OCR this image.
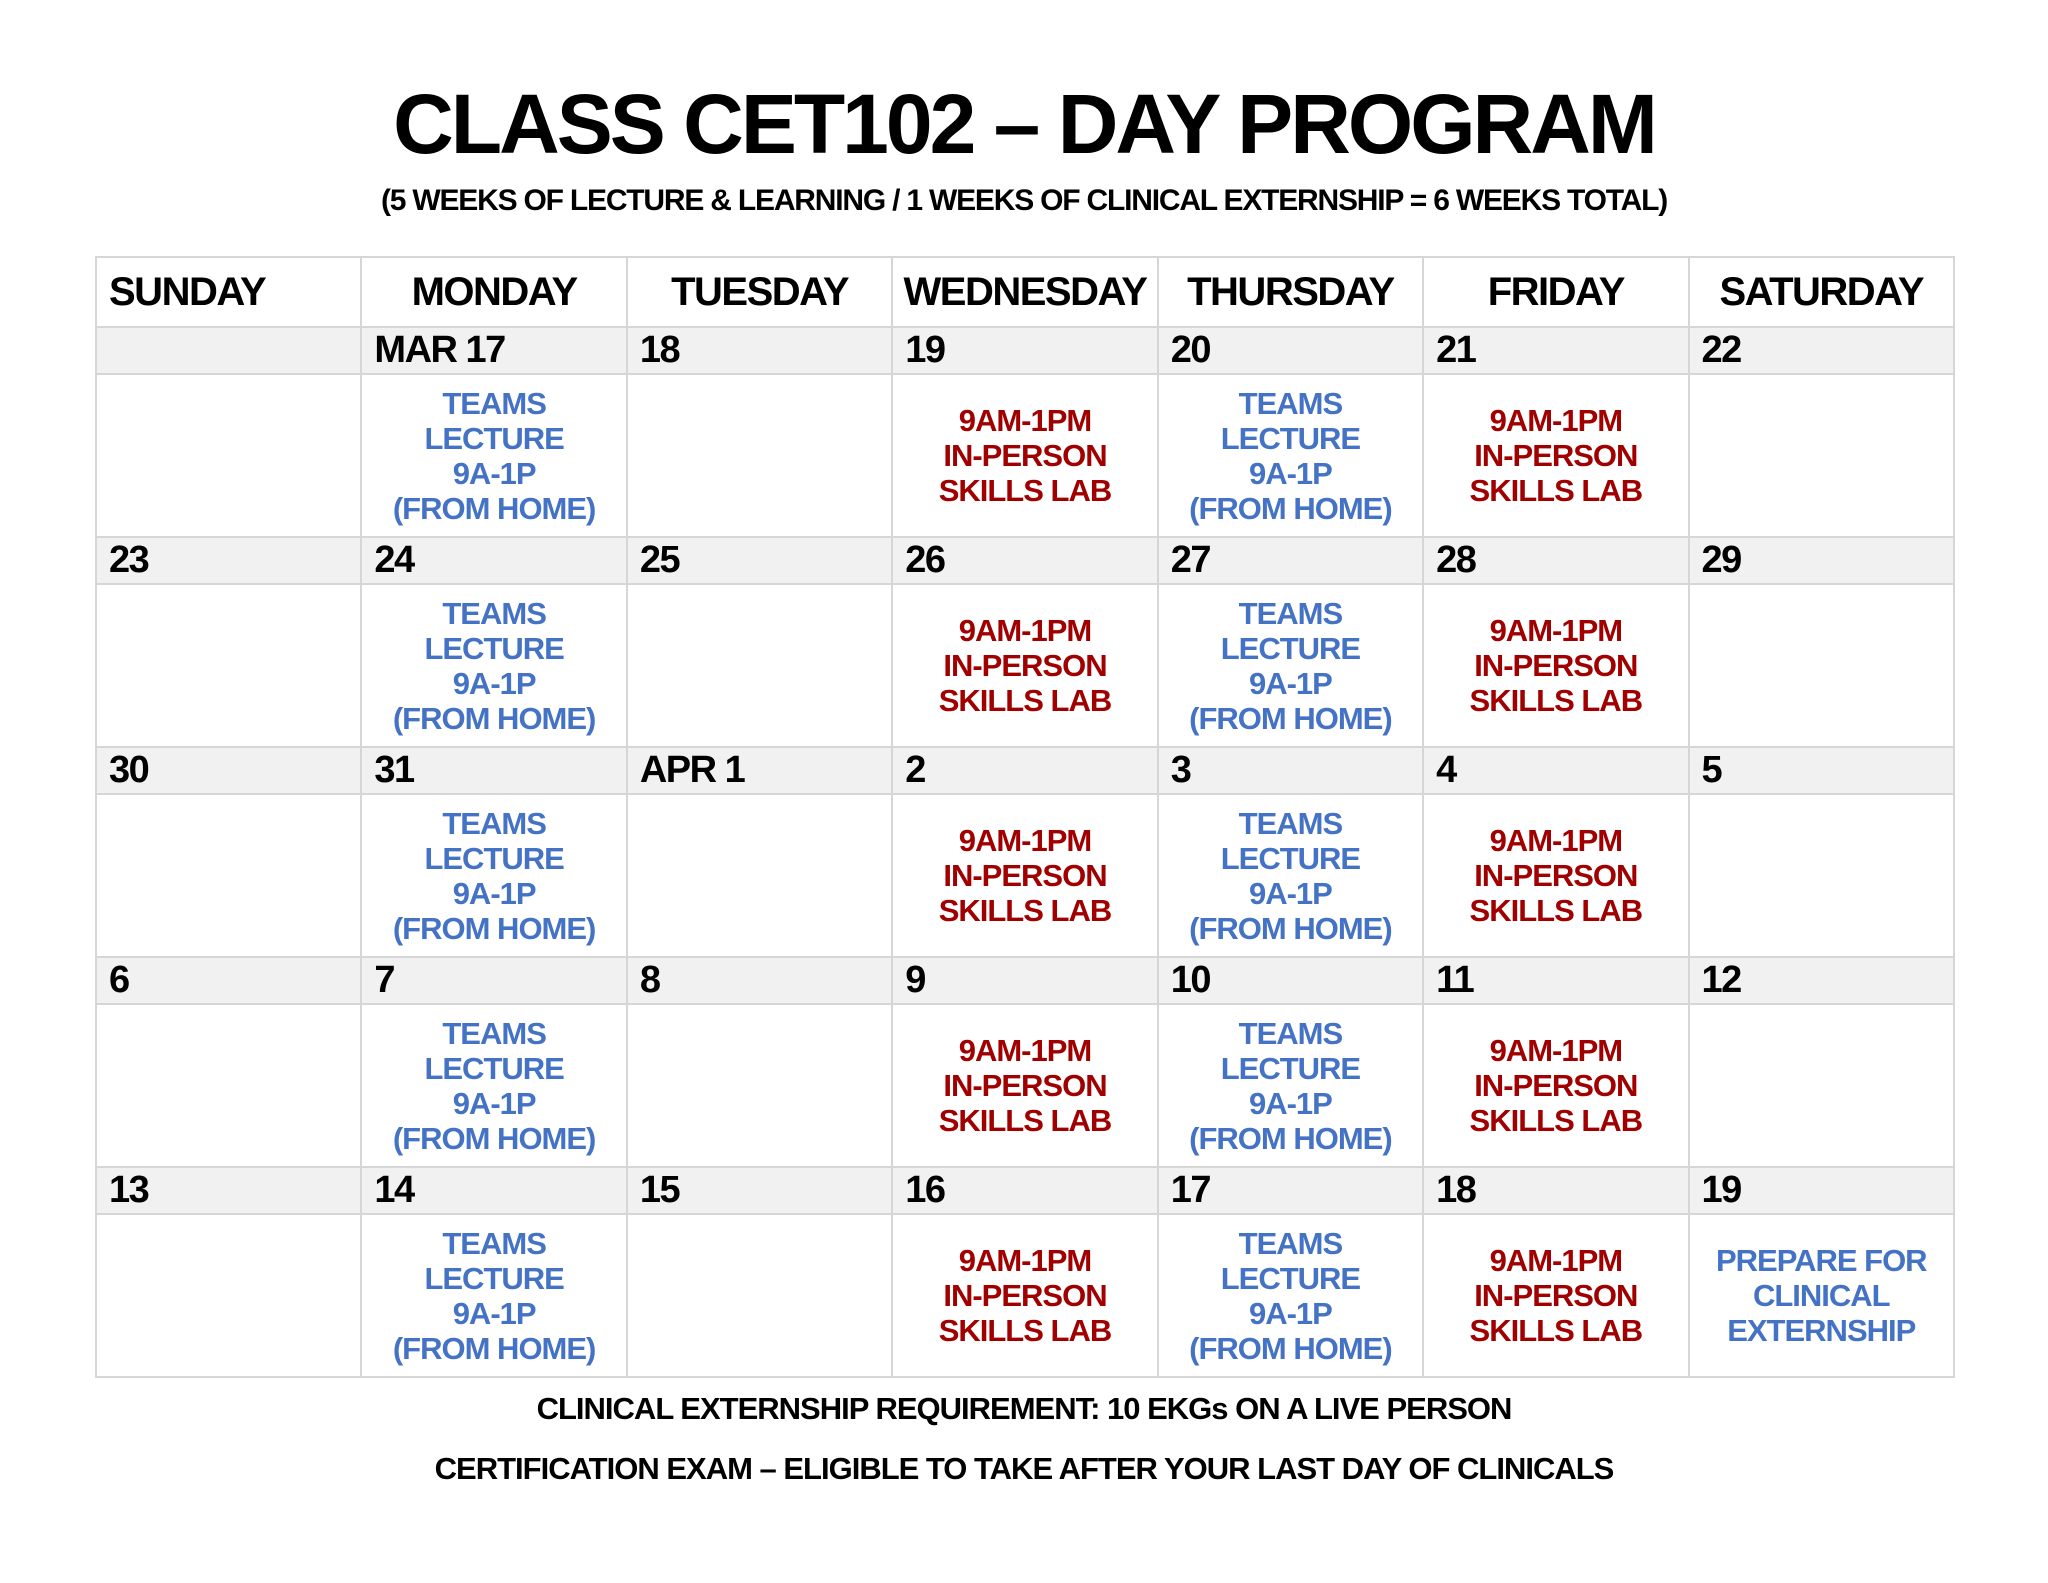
CLASS CET102 – DAY PROGRAM
(5 WEEKS OF LECTURE & LEARNING / 1 WEEKS OF CLINICAL EXTERNSHIP = 6 WEEKS TOTAL)
SUNDAY	MONDAY	TUESDAY	WEDNESDAY	THURSDAY	FRIDAY	SATURDAY
	MAR 17	18	19	20	21	22

	TEAMS
LECTURE
9A-1P
(FROM HOME)		9AM-1PM
IN-PERSON
SKILLS LAB	TEAMS
LECTURE
9A-1P
(FROM HOME)	9AM-1PM
IN-PERSON
SKILLS LAB	

23	24	25	26	27	28	29

	TEAMS
LECTURE
9A-1P
(FROM HOME)		9AM-1PM
IN-PERSON
SKILLS LAB	TEAMS
LECTURE
9A-1P
(FROM HOME)	9AM-1PM
IN-PERSON
SKILLS LAB	

30	31	APR 1	2	3	4	5

	TEAMS
LECTURE
9A-1P
(FROM HOME)		9AM-1PM
IN-PERSON
SKILLS LAB	TEAMS
LECTURE
9A-1P
(FROM HOME)	9AM-1PM
IN-PERSON
SKILLS LAB	

6	7	8	9	10	11	12

	TEAMS
LECTURE
9A-1P
(FROM HOME)		9AM-1PM
IN-PERSON
SKILLS LAB	TEAMS
LECTURE
9A-1P
(FROM HOME)	9AM-1PM
IN-PERSON
SKILLS LAB	

13	14	15	16	17	18	19

	TEAMS
LECTURE
9A-1P
(FROM HOME)		9AM-1PM
IN-PERSON
SKILLS LAB	TEAMS
LECTURE
9A-1P
(FROM HOME)	9AM-1PM
IN-PERSON
SKILLS LAB	PREPARE FOR
CLINICAL
EXTERNSHIP
CLINICAL EXTERNSHIP REQUIREMENT: 10 EKGs ON A LIVE PERSON
CERTIFICATION EXAM – ELIGIBLE TO TAKE AFTER YOUR LAST DAY OF CLINICALS
